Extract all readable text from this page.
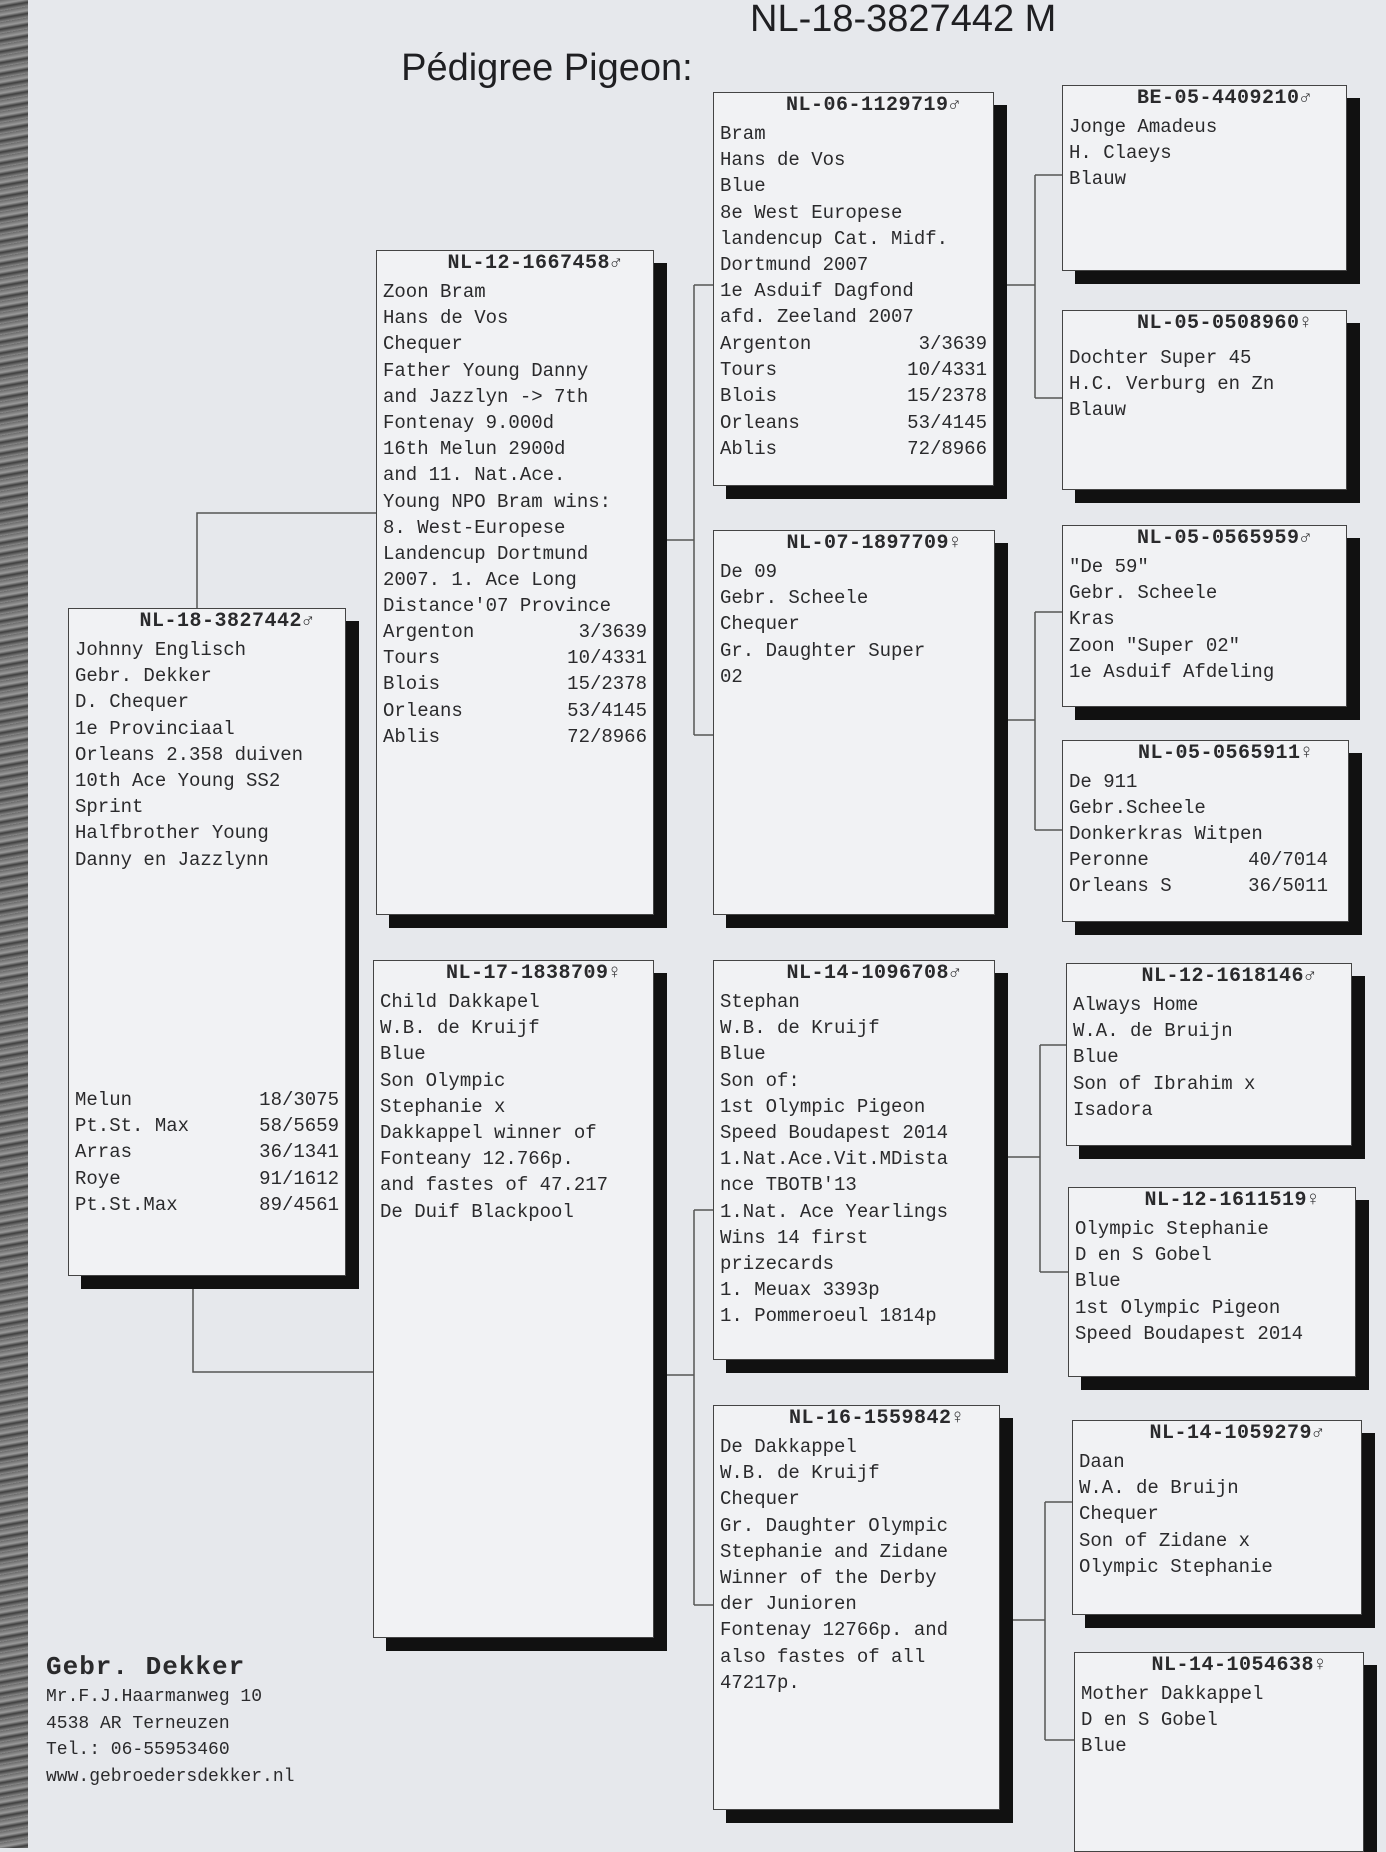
Pédigree Pigeon:

NL-18-3827442 M

NL-18-3827442♂
Johnny Englisch
Gebr. Dekker
D. Chequer
1e Provinciaal
Orleans 2.358 duiven
10th Ace Young SS2
Sprint
Halfbrother Young
Danny en Jazzlynn
Melun	18/3075
Pt.St. Max	58/5659
Arras	36/1341
Roye	91/1612
Pt.St.Max	89/4561
NL-12-1667458♂
Zoon Bram
Hans de Vos
Chequer
Father Young Danny
and Jazzlyn -> 7th
Fontenay 9.000d
16th Melun 2900d
and 11. Nat.Ace.
Young NPO Bram wins:
8. West-Europese
Landencup Dortmund
2007. 1. Ace Long
Distance'07 Province
Argenton	3/3639
Tours	10/4331
Blois	15/2378
Orleans	53/4145
Ablis	72/8966
NL-17-1838709♀
Child Dakkapel
W.B. de Kruijf
Blue
Son Olympic
Stephanie x
Dakkappel winner of
Fonteany 12.766p.
and fastes of 47.217
De Duif Blackpool
NL-06-1129719♂
Bram
Hans de Vos
Blue
8e West Europese
landencup Cat. Midf.
Dortmund 2007
1e Asduif Dagfond
afd. Zeeland 2007
Argenton	3/3639
Tours	10/4331
Blois	15/2378
Orleans	53/4145
Ablis	72/8966
NL-07-1897709♀
De 09
Gebr. Scheele
Chequer
Gr. Daughter Super
02
NL-14-1096708♂
Stephan
W.B. de Kruijf
Blue
Son of:
1st Olympic Pigeon
Speed Boudapest 2014
1.Nat.Ace.Vit.MDista
nce TBOTB'13
1.Nat. Ace Yearlings
Wins 14 first
prizecards
1. Meuax 3393p
1. Pommeroeul 1814p
NL-16-1559842♀
De Dakkappel
W.B. de Kruijf
Chequer
Gr. Daughter Olympic
Stephanie and Zidane
Winner of the Derby
der Junioren
Fontenay 12766p. and
also fastes of all
47217p.
BE-05-4409210♂
Jonge Amadeus
H. Claeys
Blauw
NL-05-0508960♀
Dochter Super 45
H.C. Verburg en Zn
Blauw
NL-05-0565959♂
"De 59"
Gebr. Scheele
Kras
Zoon "Super 02"
1e Asduif Afdeling
NL-05-0565911♀
De 911
Gebr.Scheele
Donkerkras Witpen
Peronne	40/7014
Orleans S	36/5011
NL-12-1618146♂
Always Home
W.A. de Bruijn
Blue
Son of Ibrahim x
Isadora
NL-12-1611519♀
Olympic Stephanie
D en S Gobel
Blue
1st Olympic Pigeon
Speed Boudapest 2014
NL-14-1059279♂
Daan
W.A. de Bruijn
Chequer
Son of Zidane x
Olympic Stephanie
NL-14-1054638♀
Mother Dakkappel
D en S Gobel
Blue
Gebr. Dekker
Mr.F.J.Haarmanweg 10
4538 AR Terneuzen
Tel.: 06-55953460
www.gebroedersdekker.nl
